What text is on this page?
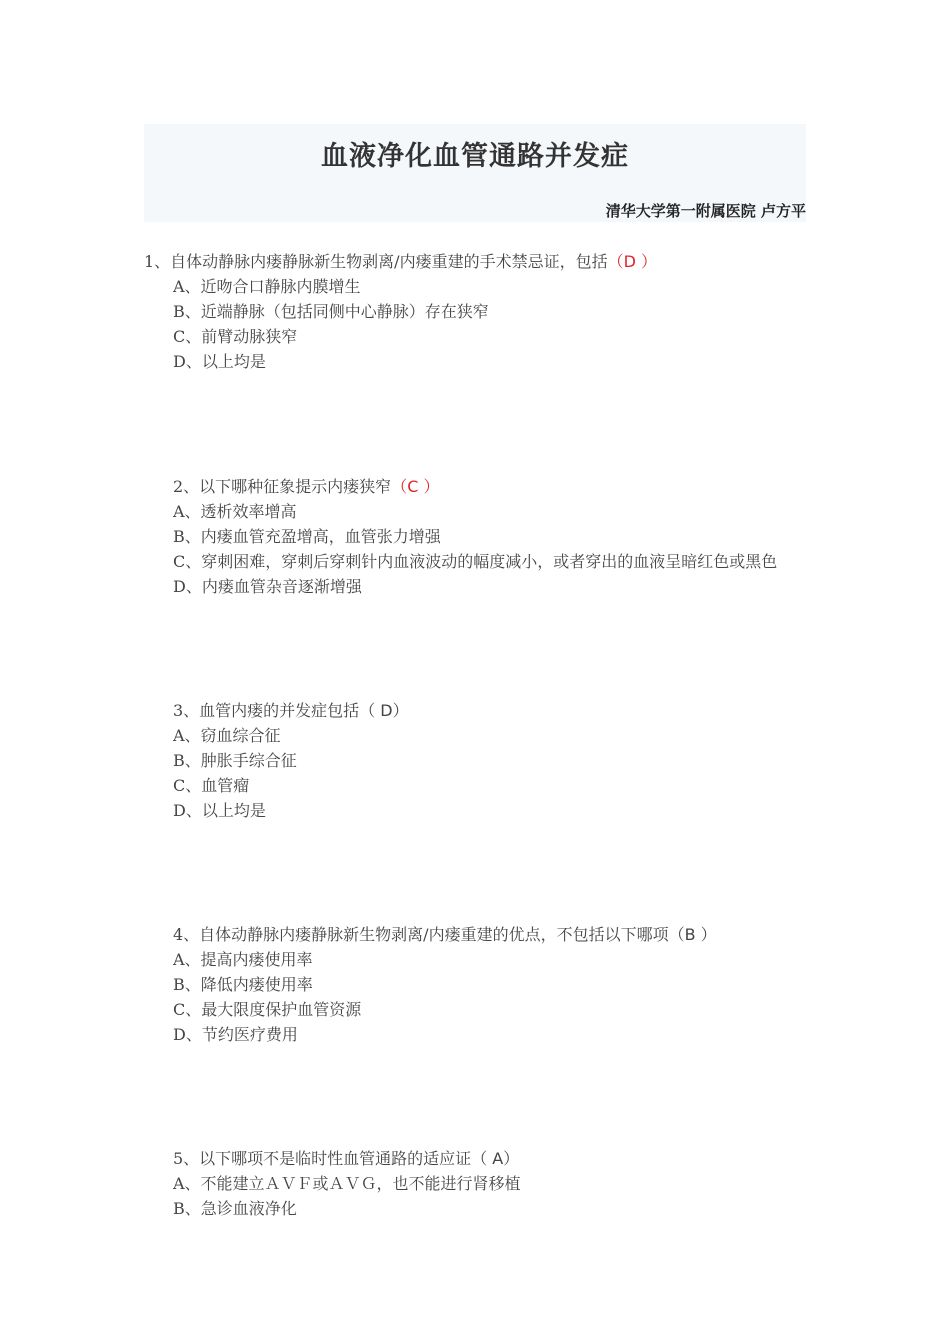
血液净化血管通路并发症
清华大学第一附属医院 卢方平
1、自体动静脉内瘘静脉新生物剥离/内瘘重建的手术禁忌证，包括（D ）
A、近吻合口静脉内膜增生
B、近端静脉（包括同侧中心静脉）存在狭窄
C、前臂动脉狭窄
D、以上均是
2、以下哪种征象提示内瘘狭窄（C ）
A、透析效率增高
B、内瘘血管充盈增高，血管张力增强
C、穿刺困难，穿刺后穿刺针内血液波动的幅度减小，或者穿出的血液呈暗红色或黑色
D、内瘘血管杂音逐渐增强
3、血管内瘘的并发症包括（ D）
A、窃血综合征
B、肿胀手综合征
C、血管瘤
D、以上均是
4、自体动静脉内瘘静脉新生物剥离/内瘘重建的优点，不包括以下哪项（B ）
A、提高内瘘使用率
B、降低内瘘使用率
C、最大限度保护血管资源
D、节约医疗费用
5、以下哪项不是临时性血管通路的适应证（ A）
A、不能建立ＡＶＦ或ＡＶＧ，也不能进行肾移植
B、急诊血液净化
